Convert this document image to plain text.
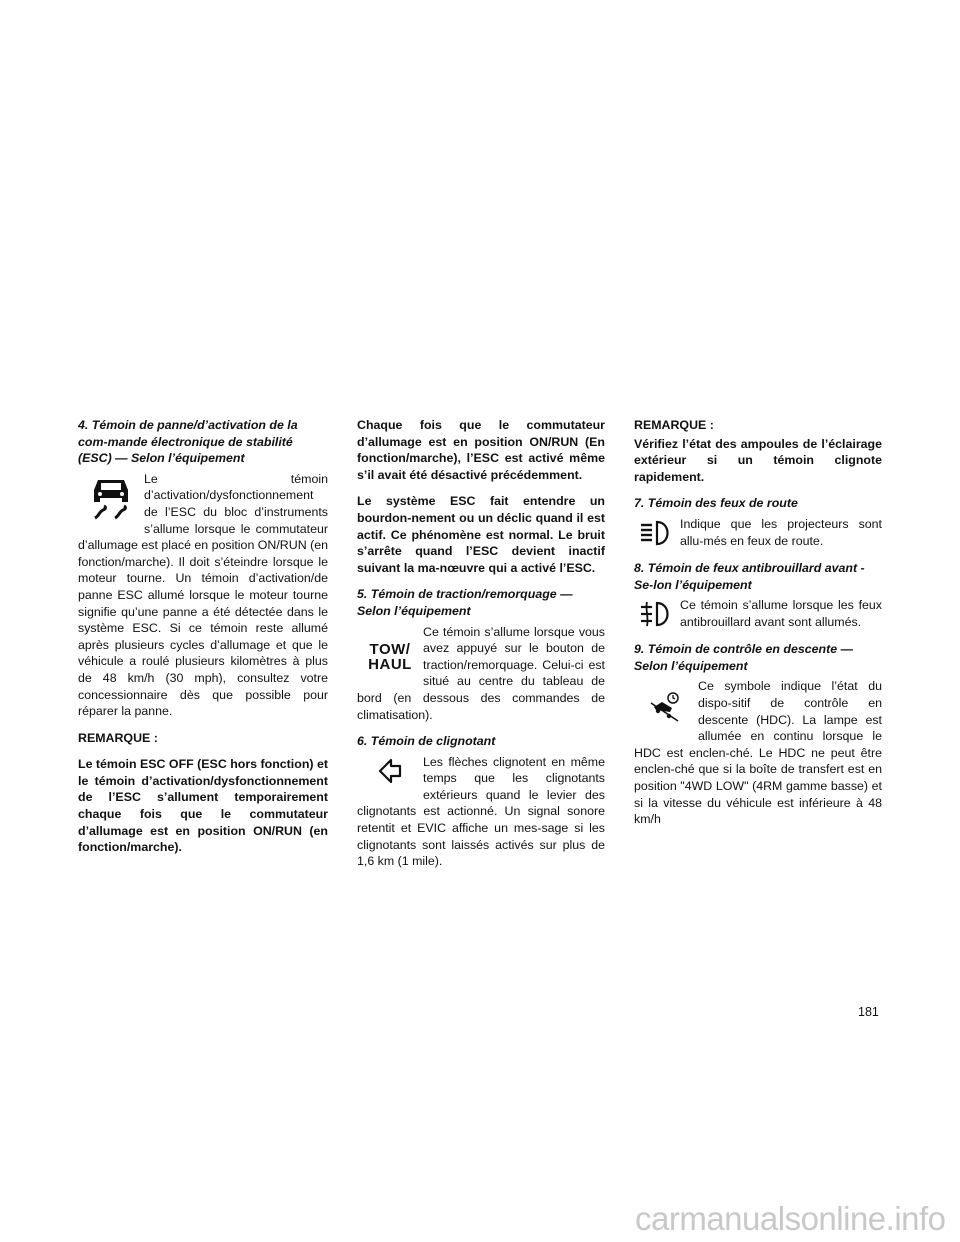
4. Témoin de panne/d’activation de la com-mande électronique de stabilité (ESC) — Selon l’équipement

Le témoin d’activation/dysfonctionnement de l’ESC du bloc d’instruments s’allume lorsque le commutateur d’allumage est placé en position ON/RUN (en fonction/marche). Il doit s’éteindre lorsque le moteur tourne. Un témoin d’activation/de panne ESC allumé lorsque le moteur tourne signifie qu’une panne a été détectée dans le système ESC. Si ce témoin reste allumé après plusieurs cycles d’allumage et que le véhicule a roulé plusieurs kilomètres à plus de 48 km/h (30 mph), consultez votre concessionnaire dès que possible pour réparer la panne.

REMARQUE :

Le témoin ESC OFF (ESC hors fonction) et le témoin d’activation/dysfonctionnement de l’ESC s’allument temporairement chaque fois que le commutateur d’allumage est en position ON/RUN (en fonction/marche).

Chaque fois que le commutateur d’allumage est en position ON/RUN (En fonction/marche), l’ESC est activé même s’il avait été désactivé précédemment.

Le système ESC fait entendre un bourdon-nement ou un déclic quand il est actif. Ce phénomène est normal. Le bruit s’arrête quand l’ESC devient inactif suivant la ma-nœuvre qui a activé l’ESC.

5. Témoin de traction/remorquage — Selon l’équipement

TOW/
HAUL

Ce témoin s’allume lorsque vous avez appuyé sur le bouton de traction/remorquage. Celui-ci est situé au centre du tableau de bord (en dessous des commandes de climatisation).

6. Témoin de clignotant

Les flèches clignotent en même temps que les clignotants extérieurs quand le levier des clignotants est actionné. Un signal sonore retentit et EVIC affiche un mes-sage si les clignotants sont laissés activés sur plus de 1,6 km (1 mile).

REMARQUE :

Vérifiez l’état des ampoules de l’éclairage extérieur si un témoin clignote rapidement.

7. Témoin des feux de route

Indique que les projecteurs sont allu-més en feux de route.

8. Témoin de feux antibrouillard avant - Se-lon l’équipement

Ce témoin s’allume lorsque les feux antibrouillard avant sont allumés.

9. Témoin de contrôle en descente — Selon l’équipement

Ce symbole indique l’état du dispo-sitif de contrôle en descente (HDC). La lampe est allumée en continu lorsque le HDC est enclen-ché. Le HDC ne peut être enclen-ché que si la boîte de transfert est en position "4WD LOW" (4RM gamme basse) et si la vitesse du véhicule est inférieure à 48 km/h

181
carmanualsonline.info
